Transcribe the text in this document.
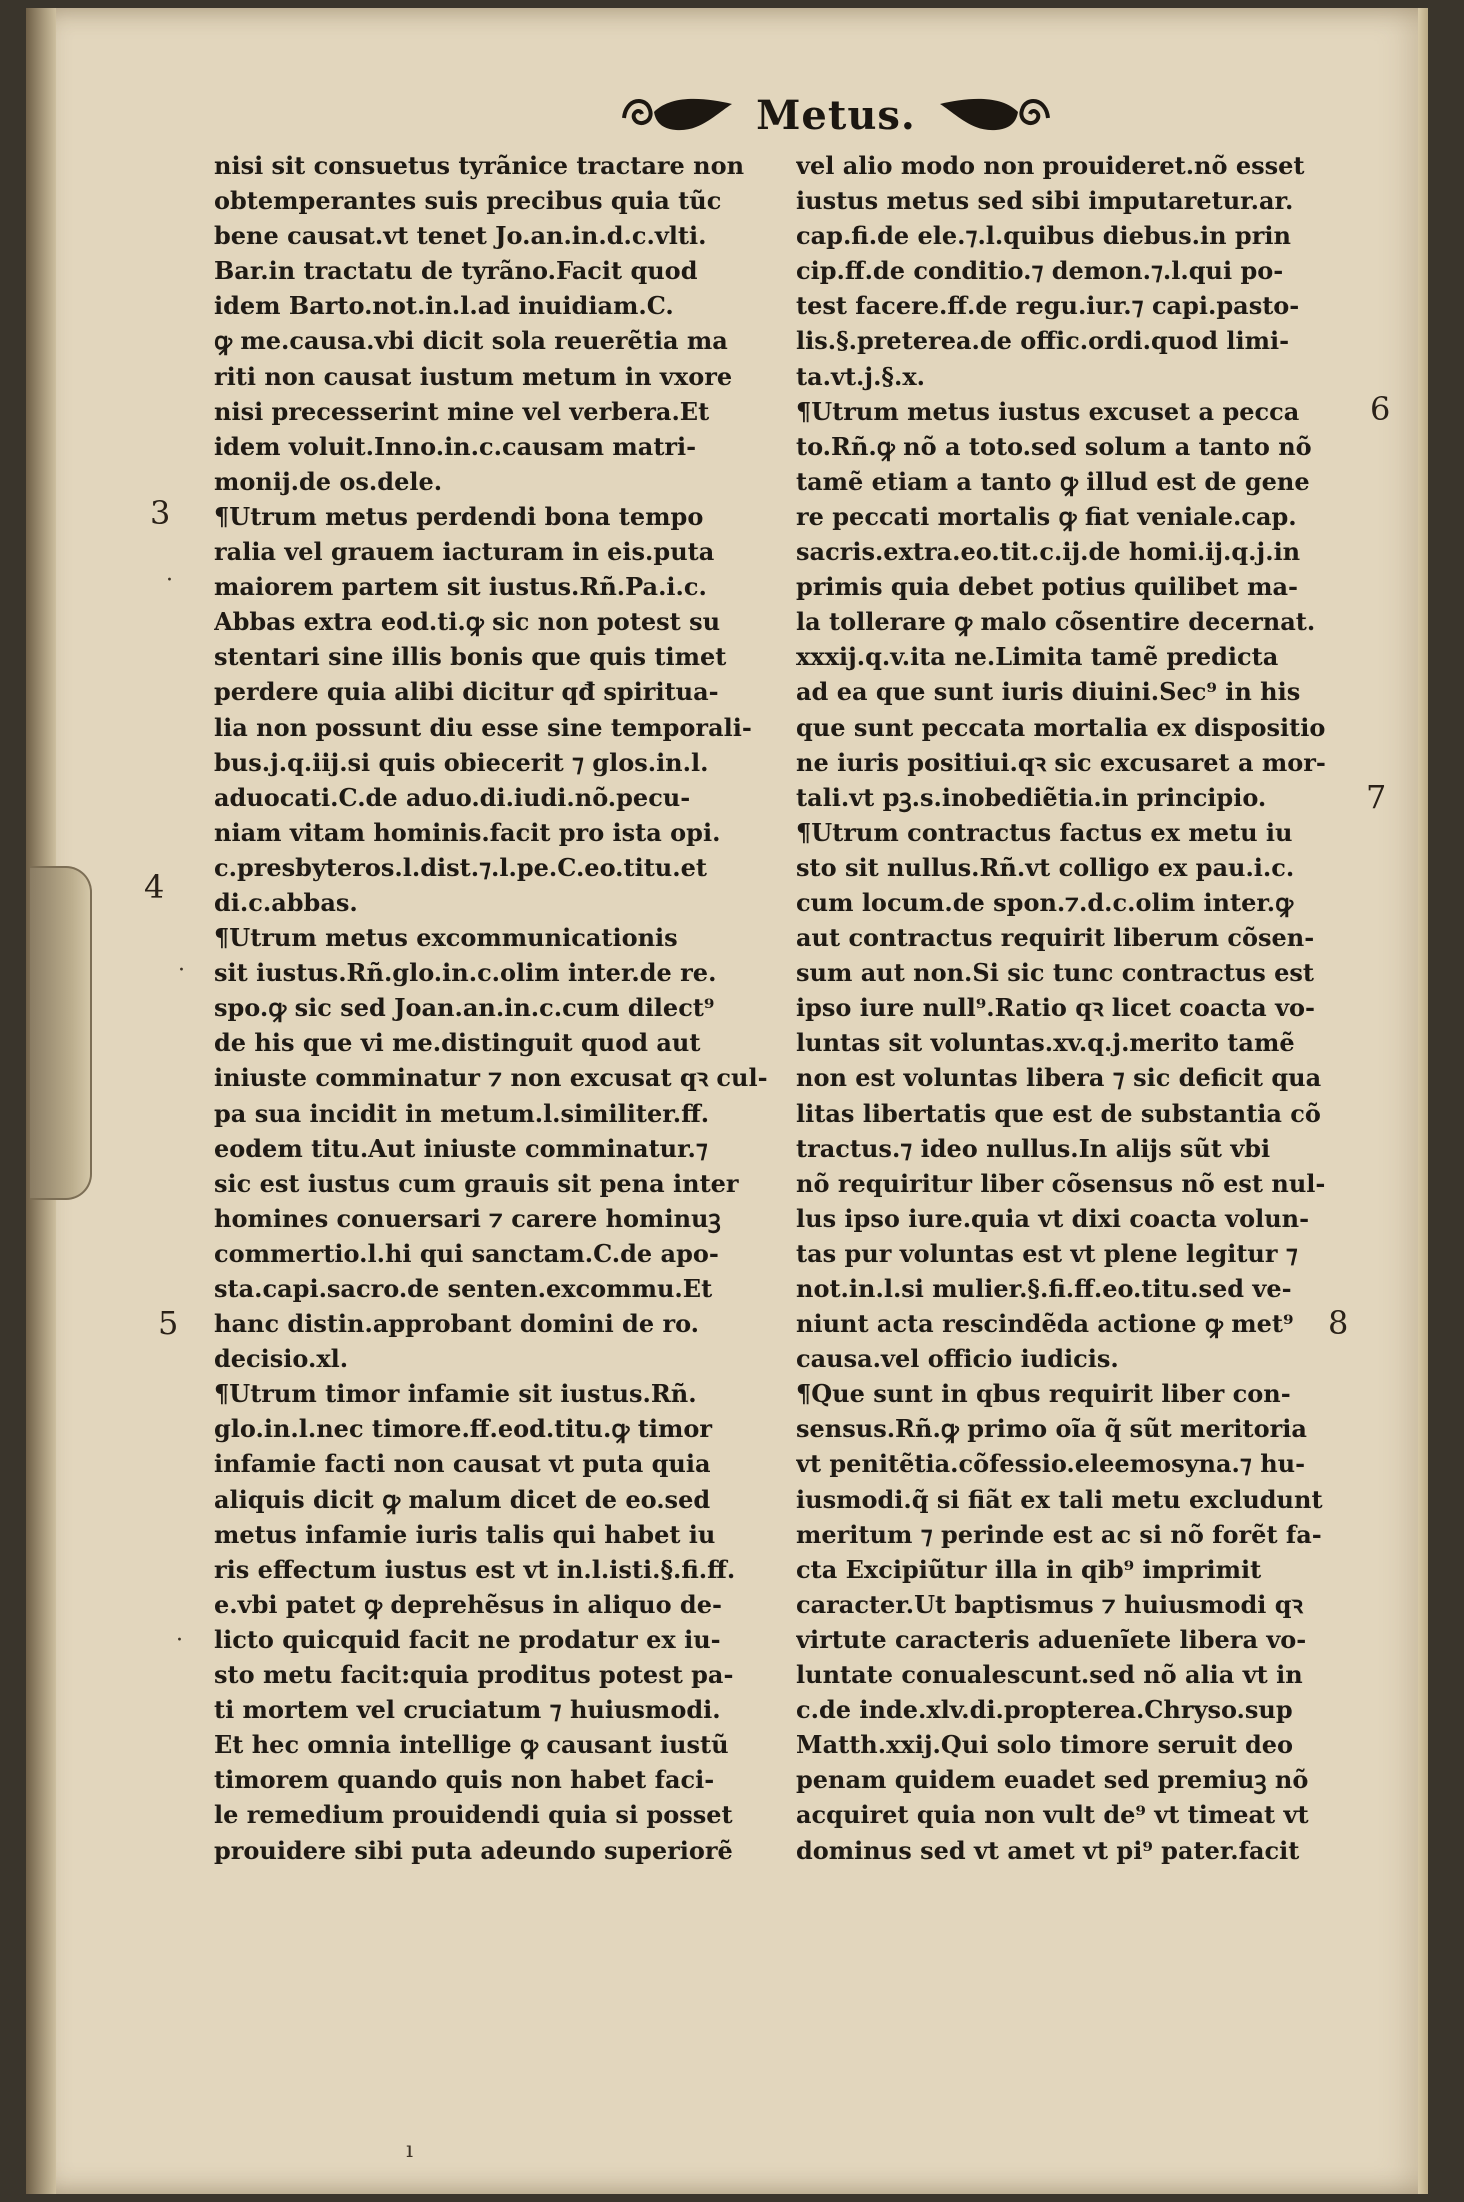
Metus.
nisi sit consuetus tyrãnice tractare non
obtemperantes suis precibus quia tũc
bene causat.vt tenet Jo.an.in.d.c.vlti.
Bar.in tractatu de tyrãno.Facit quod
idem Barto.not.in.l.ad inuidiam.C.
ꝙ me.causa.vbi dicit sola reuerẽtia ma
riti non causat iustum metum in vxore
nisi precesserint mine vel verbera.Et
idem voluit.Inno.in.c.causam matri-
monij.de os.dele.
¶Utrum metus perdendi bona tempo
ralia vel grauem iacturam in eis.puta
maiorem partem sit iustus.Rñ.Pa.i.c.
Abbas extra eod.ti.ꝙ sic non potest su
stentari sine illis bonis que quis timet
perdere quia alibi dicitur qđ spiritua-
lia non possunt diu esse sine temporali-
bus.j.q.iij.si quis obiecerit ⁊ glos.in.l.
aduocati.C.de aduo.di.iudi.nõ.pecu-
niam vitam hominis.facit pro ista opi.
c.presbyteros.l.dist.⁊.l.pe.C.eo.titu.et
di.c.abbas.
¶Utrum metus excommunicationis
sit iustus.Rñ.glo.in.c.olim inter.de re.
spo.ꝙ sic sed Joan.an.in.c.cum dilect⁹
de his que vi me.distinguit quod aut
iniuste comminatur ⁊ non excusat qꝛ cul-
pa sua incidit in metum.l.similiter.ff.
eodem titu.Aut iniuste comminatur.⁊
sic est iustus cum grauis sit pena inter
homines conuersari ⁊ carere hominuꝫ
commertio.l.hi qui sanctam.C.de apo-
sta.capi.sacro.de senten.excommu.Et
hanc distin.approbant domini de ro.
decisio.xl.
¶Utrum timor infamie sit iustus.Rñ.
glo.in.l.nec timore.ff.eod.titu.ꝙ timor
infamie facti non causat vt puta quia
aliquis dicit ꝙ malum dicet de eo.sed
metus infamie iuris talis qui habet iu
ris effectum iustus est vt in.l.isti.§.fi.ff.
e.vbi patet ꝙ deprehẽsus in aliquo de-
licto quicquid facit ne prodatur ex iu-
sto metu facit:quia proditus potest pa-
ti mortem vel cruciatum ⁊ huiusmodi.
Et hec omnia intellige ꝙ causant iustũ
timorem quando quis non habet faci-
le remedium prouidendi quia si posset
prouidere sibi puta adeundo superiorẽ
vel alio modo non prouideret.nõ esset
iustus metus sed sibi imputaretur.ar.
cap.fi.de ele.⁊.l.quibus diebus.in prin
cip.ff.de conditio.⁊ demon.⁊.l.qui po-
test facere.ff.de regu.iur.⁊ capi.pasto-
lis.§.preterea.de offic.ordi.quod limi-
ta.vt.j.§.x.
¶Utrum metus iustus excuset a pecca
to.Rñ.ꝙ nõ a toto.sed solum a tanto nõ
tamẽ etiam a tanto ꝙ illud est de gene
re peccati mortalis ꝙ fiat veniale.cap.
sacris.extra.eo.tit.c.ij.de homi.ij.q.j.in
primis quia debet potius quilibet ma-
la tollerare ꝙ malo cõsentire decernat.
xxxij.q.v.ita ne.Limita tamẽ predicta
ad ea que sunt iuris diuini.Sec⁹ in his
que sunt peccata mortalia ex dispositio
ne iuris positiui.qꝛ sic excusaret a mor-
tali.vt pꝫ.s.inobediẽtia.in principio.
¶Utrum contractus factus ex metu iu
sto sit nullus.Rñ.vt colligo ex pau.i.c.
cum locum.de spon.⁊.d.c.olim inter.ꝙ
aut contractus requirit liberum cõsen-
sum aut non.Si sic tunc contractus est
ipso iure null⁹.Ratio qꝛ licet coacta vo-
luntas sit voluntas.xv.q.j.merito tamẽ
non est voluntas libera ⁊ sic deficit qua
litas libertatis que est de substantia cõ
tractus.⁊ ideo nullus.In alijs sũt vbi
nõ requiritur liber cõsensus nõ est nul-
lus ipso iure.quia vt dixi coacta volun-
tas pur voluntas est vt plene legitur ⁊
not.in.l.si mulier.§.fi.ff.eo.titu.sed ve-
niunt acta rescindẽda actione ꝙ met⁹
causa.vel officio iudicis.
¶Que sunt in qbus requirit liber con-
sensus.Rñ.ꝙ primo oĩa q̃ sũt meritoria
vt penitẽtia.cõfessio.eleemosyna.⁊ hu-
iusmodi.q̃ si fiãt ex tali metu excludunt
meritum ⁊ perinde est ac si nõ forẽt fa-
cta Excipiũtur illa in qib⁹ imprimit
caracter.Ut baptismus ⁊ huiusmodi qꝛ
virtute caracteris aduenĩete libera vo-
luntate conualescunt.sed nõ alia vt in
c.de inde.xlv.di.propterea.Chryso.sup
Matth.xxij.Qui solo timore seruit deo
penam quidem euadet sed premiuꝫ nõ
acquiret quia non vult de⁹ vt timeat vt
dominus sed vt amet vt pi⁹ pater.facit
3
4
5
6
7
8
·
·
·
ı
